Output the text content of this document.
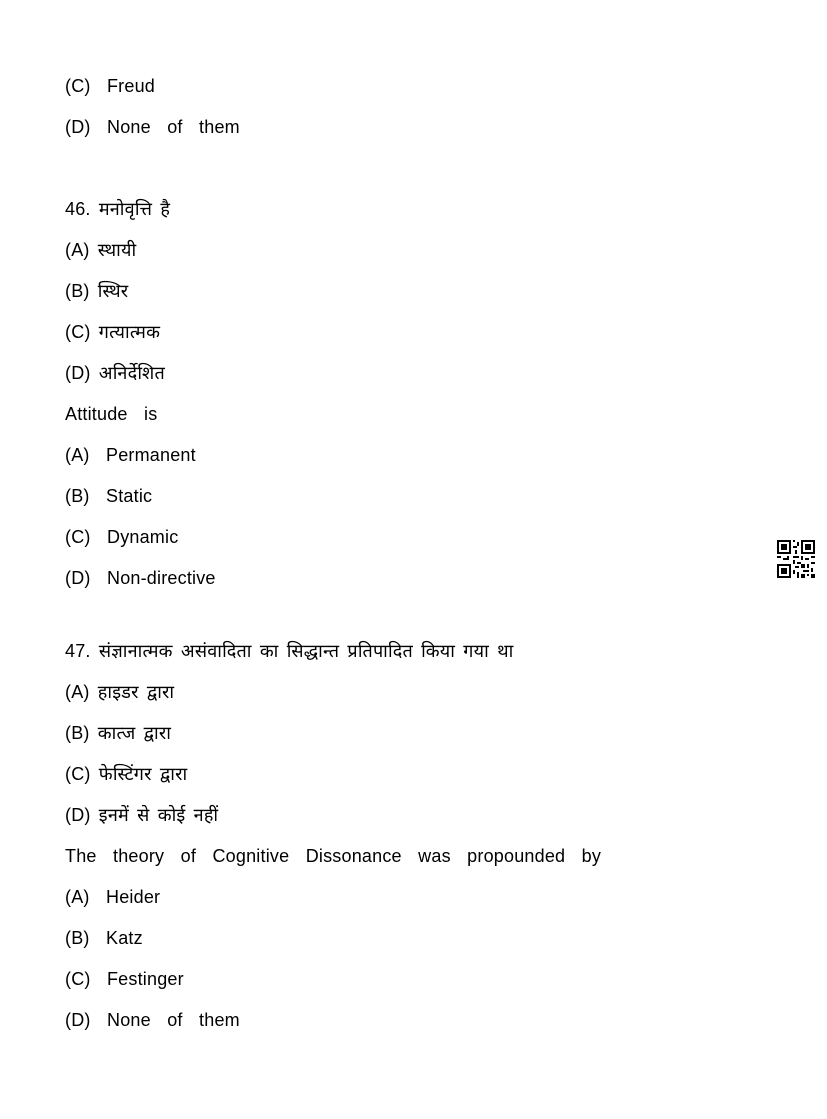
(C)  Freud
(D)  None  of  them
46. मनोवृत्ति है
(A) स्थायी
(B) स्थिर
(C) गत्यात्मक
(D) अनिर्देशित
Attitude  is
(A)  Permanent
(B)  Static
(C)  Dynamic
(D)  Non-directive
47. संज्ञानात्मक असंवादिता का सिद्धान्त प्रतिपादित किया गया था
(A) हाइडर द्वारा
(B) कात्ज द्वारा
(C) फेस्टिंगर द्वारा
(D) इनमें से कोई नहीं
The  theory  of  Cognitive  Dissonance  was  propounded  by
(A)  Heider
(B)  Katz
(C)  Festinger
(D)  None  of  them
